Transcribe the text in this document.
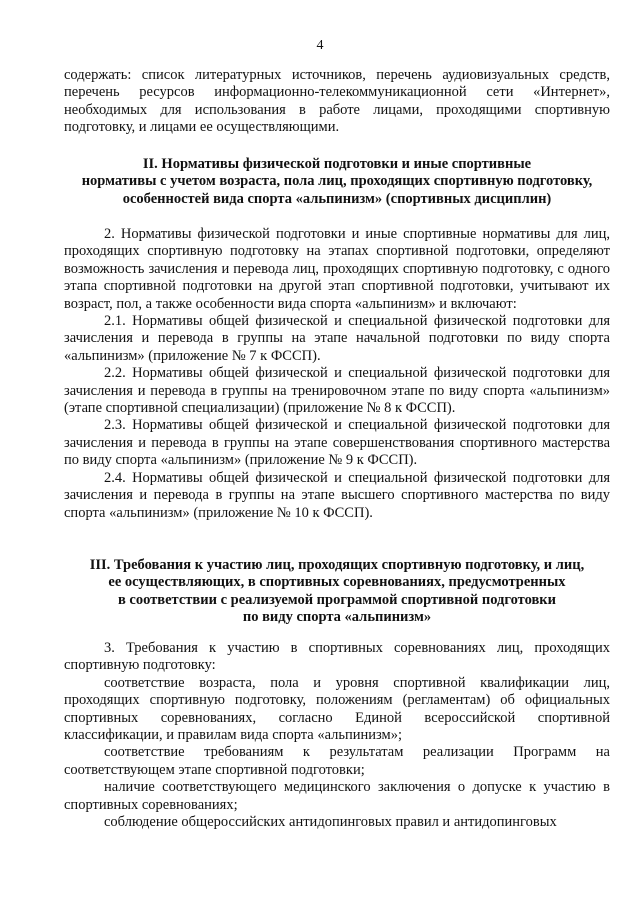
4

содержать: список литературных источников, перечень аудиовизуальных средств, перечень ресурсов информационно-телекоммуникационной сети «Интернет», необходимых для использования в работе лицами, проходящими спортивную подготовку, и лицами ее осуществляющими.

II. Нормативы физической подготовки и иные спортивные
нормативы с учетом возраста, пола лиц, проходящих спортивную подготовку,
особенностей вида спорта «альпинизм» (спортивных дисциплин)

2. Нормативы физической подготовки и иные спортивные нормативы для лиц, проходящих спортивную подготовку на этапах спортивной подготовки, определяют возможность зачисления и перевода лиц, проходящих спортивную подготовку, с одного этапа спортивной подготовки на другой этап спортивной подготовки, учитывают их возраст, пол, а также особенности вида спорта «альпинизм» и включают:

2.1. Нормативы общей физической и специальной физической подготовки для зачисления и перевода в группы на этапе начальной подготовки по виду спорта «альпинизм» (приложение № 7 к ФССП).

2.2. Нормативы общей физической и специальной физической подготовки для зачисления и перевода в группы на тренировочном этапе по виду спорта «альпинизм» (этапе спортивной специализации) (приложение № 8 к ФССП).

2.3. Нормативы общей физической и специальной физической подготовки для зачисления и перевода в группы на этапе совершенствования спортивного мастерства по виду спорта «альпинизм» (приложение № 9 к ФССП).

2.4. Нормативы общей физической и специальной физической подготовки для зачисления и перевода в группы на этапе высшего спортивного мастерства по виду спорта «альпинизм» (приложение № 10 к ФССП).

III. Требования к участию лиц, проходящих спортивную подготовку, и лиц,
ее осуществляющих, в спортивных соревнованиях, предусмотренных
в соответствии с реализуемой программой спортивной подготовки
по виду спорта «альпинизм»

3. Требования к участию в спортивных соревнованиях лиц, проходящих спортивную подготовку:

соответствие возраста, пола и уровня спортивной квалификации лиц, проходящих спортивную подготовку, положениям (регламентам) об официальных спортивных соревнованиях, согласно Единой всероссийской спортивной классификации, и правилам вида спорта «альпинизм»;

соответствие требованиям к результатам реализации Программ на соответствующем этапе спортивной подготовки;

наличие соответствующего медицинского заключения о допуске к участию в спортивных соревнованиях;

соблюдение общероссийских антидопинговых правил и антидопинговых
